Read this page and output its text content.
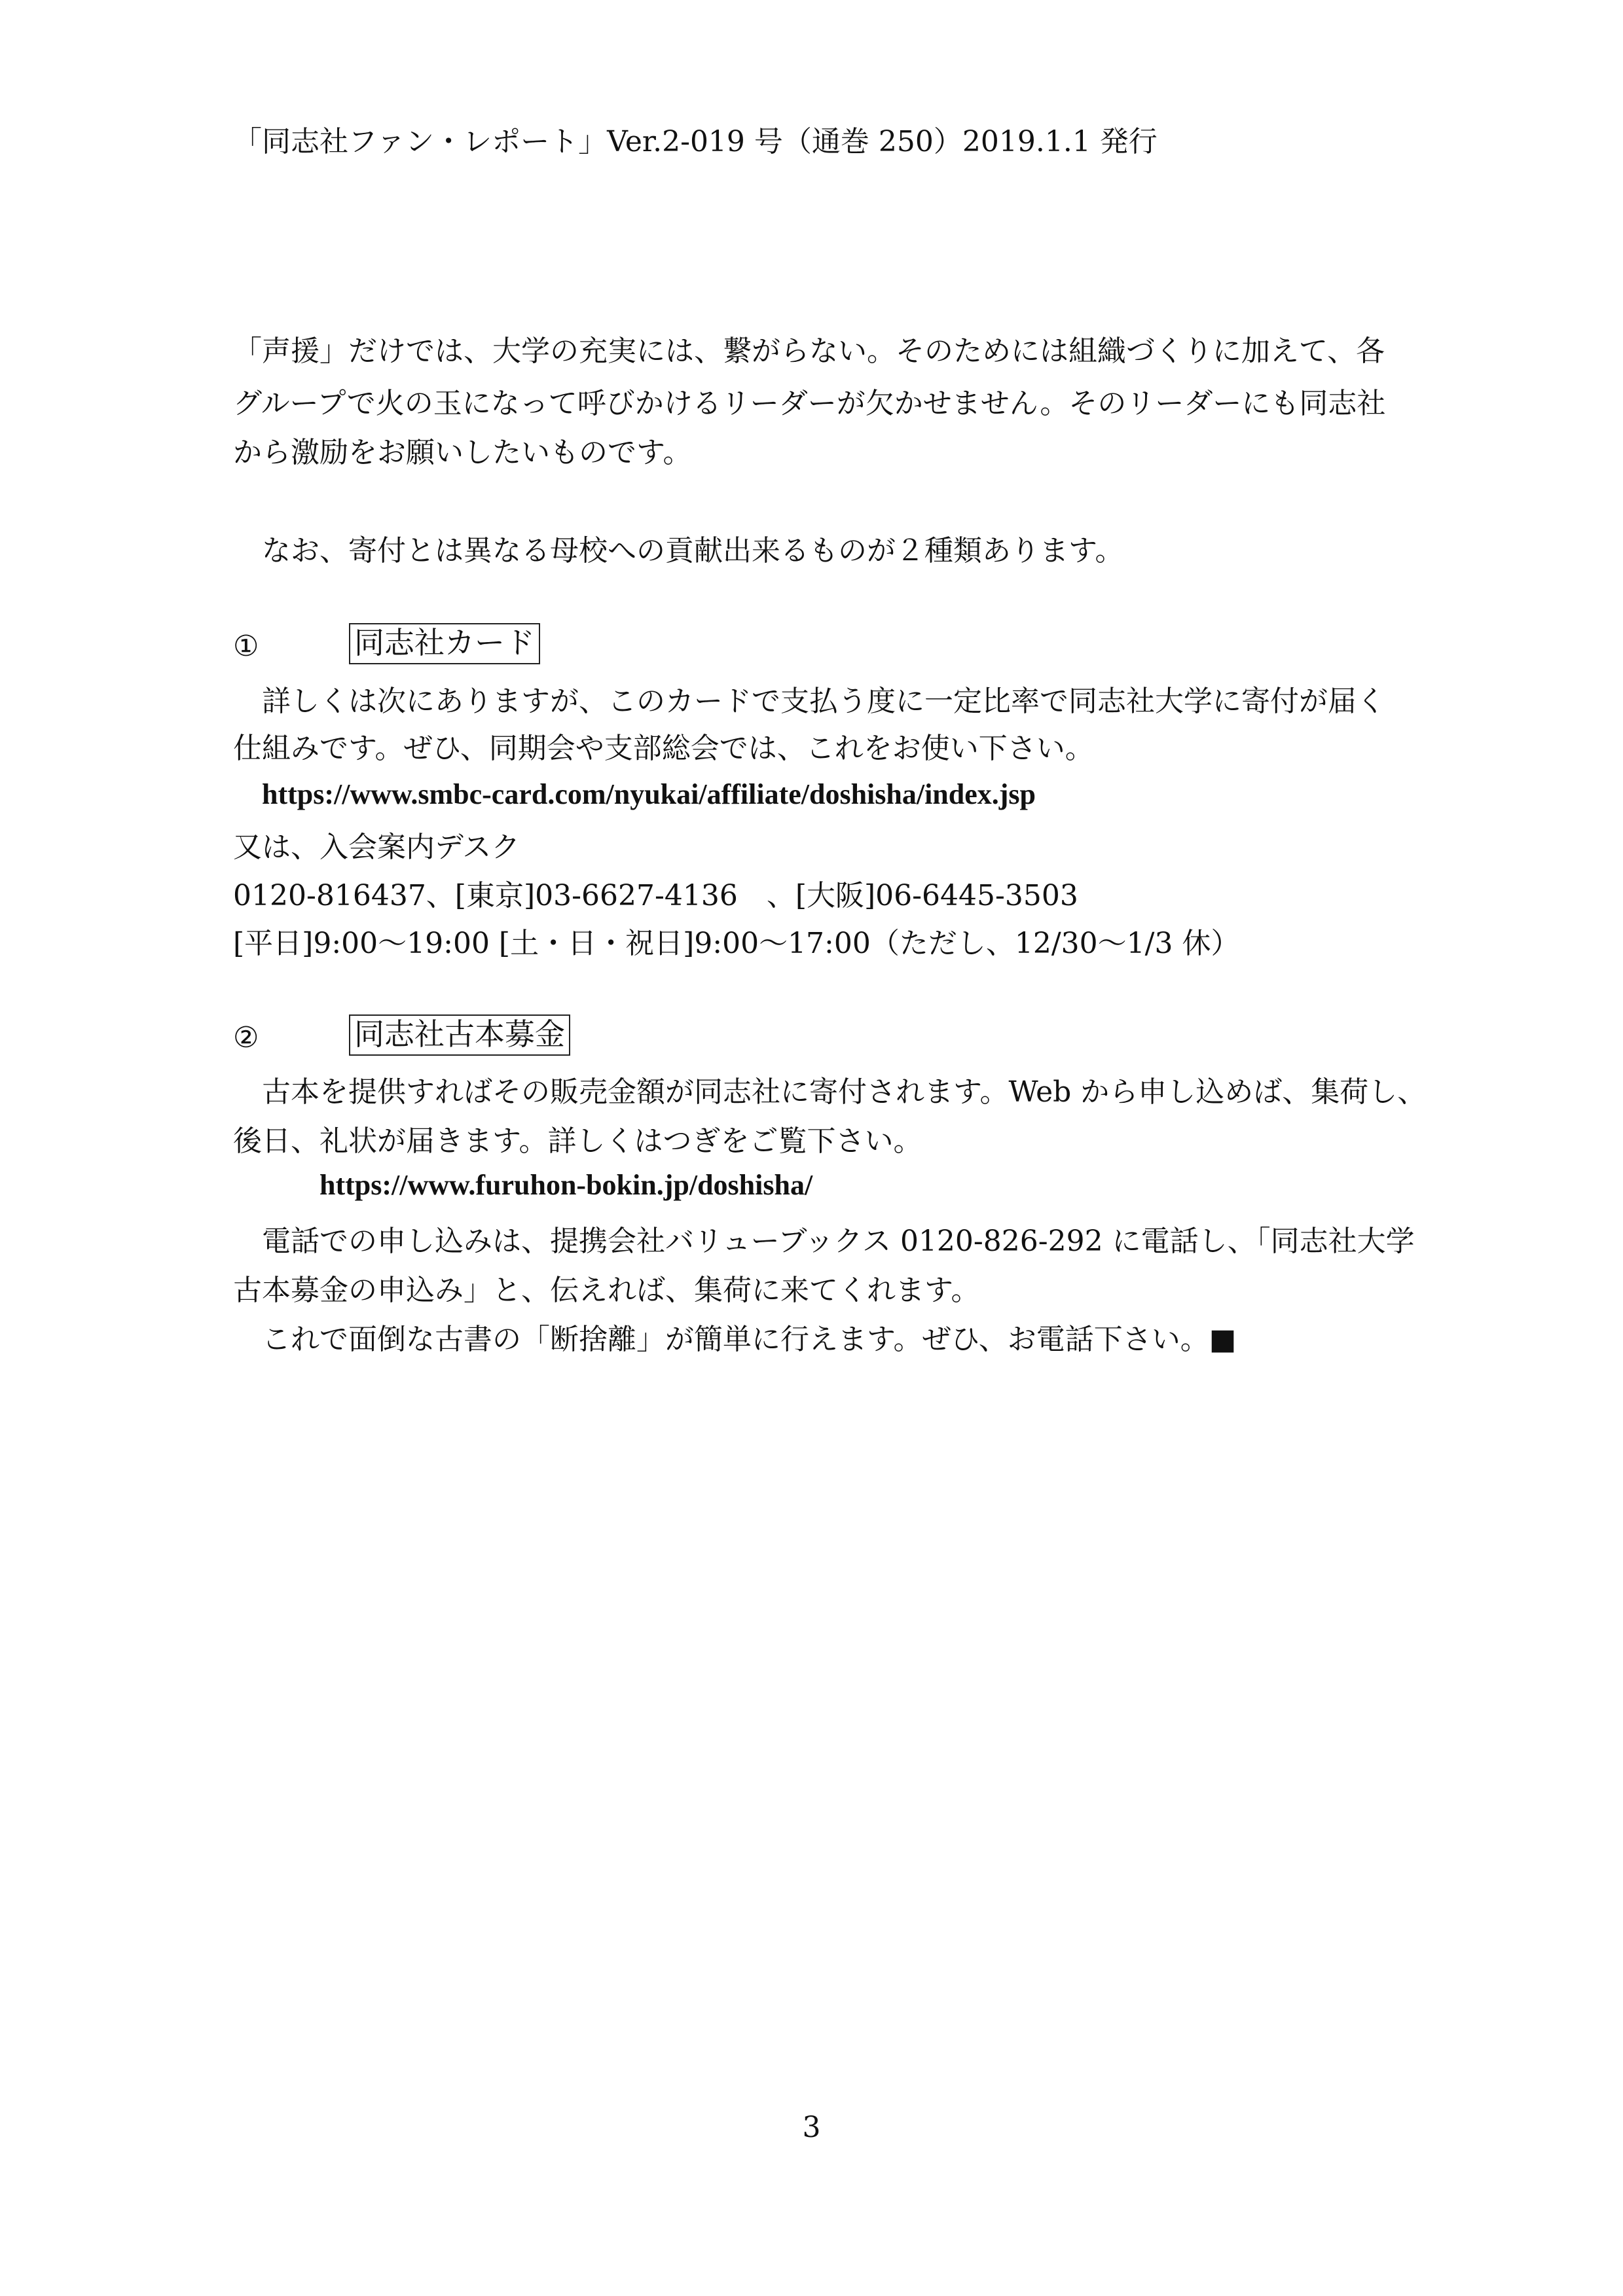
「同志社ファン・レポート」Ver.2-019 号（通巻 250）2019.1.1 発行
「声援」だけでは、大学の充実には、繋がらない。そのためには組織づくりに加えて、各
グループで火の玉になって呼びかけるリーダーが欠かせません。そのリーダーにも同志社
から激励をお願いしたいものです。
なお、寄付とは異なる母校への貢献出来るものが２種類あります。
①	同志社カード
詳しくは次にありますが、このカードで支払う度に一定比率で同志社大学に寄付が届く
仕組みです。ぜひ、同期会や支部総会では、これをお使い下さい。
https://www.smbc-card.com/nyukai/affiliate/doshisha/index.jsp
又は、入会案内デスク
0120-816437、[東京]03-6627-4136　、[大阪]06-6445-3503
[平日]9:00～19:00 [土・日・祝日]9:00～17:00（ただし、12/30～1/3 休）
②	同志社古本募金
古本を提供すればその販売金額が同志社に寄付されます。Web から申し込めば、集荷し、
後日、礼状が届きます。詳しくはつぎをご覧下さい。
https://www.furuhon-bokin.jp/doshisha/
電話での申し込みは、提携会社バリューブックス 0120-826-292 に電話し、「同志社大学
古本募金の申込み」と、伝えれば、集荷に来てくれます。
これで面倒な古書の「断捨離」が簡単に行えます。ぜひ、お電話下さい。■
3
